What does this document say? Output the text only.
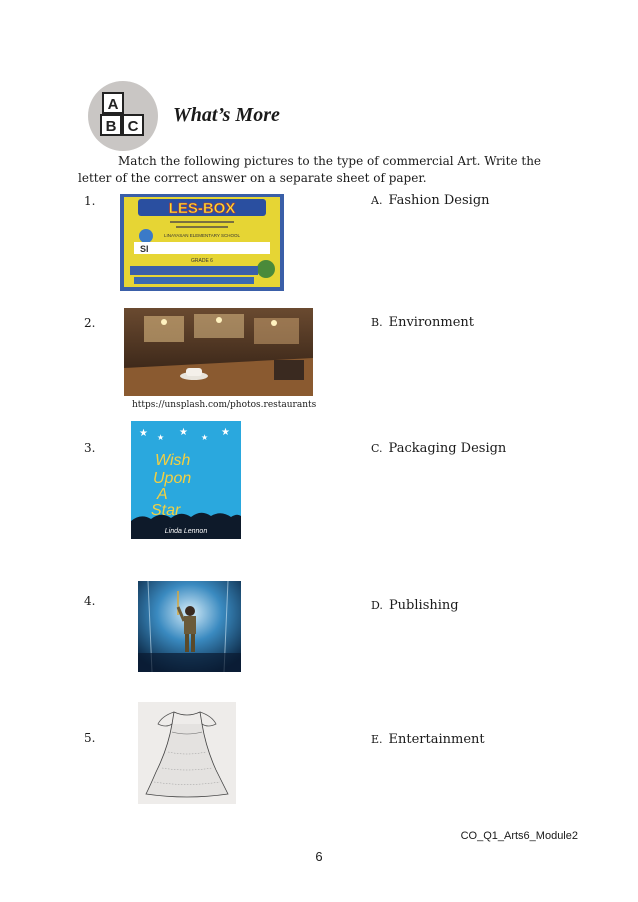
A
B C
What’s More
Match the following pictures to the type of commercial Art. Write the letter of the correct answer on a separate sheet of paper.
1.
2.
3.
4.
5.
LES-BOX
LINAYASAN ELEMENTARY SCHOOL
SI
GRADE 6
https://unsplash.com/photos.restaurants
★ ★ ★ ★ ★
Wish
Upon
A
Star
Linda Lennon
A. Fashion Design
B. Environment
C. Packaging Design
D. Publishing
E. Entertainment
CO_Q1_Arts6_Module2
6
